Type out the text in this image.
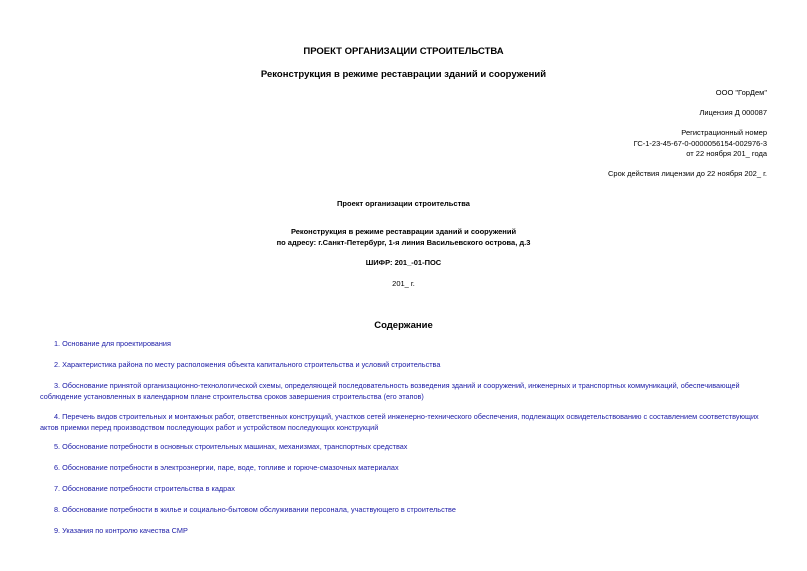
ПРОЕКТ ОРГАНИЗАЦИИ СТРОИТЕЛЬСТВА
Реконструкция в режиме реставрации зданий и сооружений
ООО "ГорДем"
Лицензия Д 000087
Регистрационный номер
ГС-1-23-45-67-0-0000056154-002976-3
от 22 ноября 201_ года
Срок действия лицензии до 22 ноября 202_ г.
Проект организации строительства
Реконструкция в режиме реставрации зданий и сооружений
по адресу: г.Санкт-Петербург, 1-я линия Васильевского острова, д.3
ШИФР: 201_-01-ПОС
201_ г.
Содержание
1. Основание для проектирования
2. Характеристика района по месту расположения объекта капитального строительства и условий строительства
3. Обоснование принятой организационно-технологической схемы, определяющей последовательность возведения зданий и сооружений, инженерных и транспортных коммуникаций, обеспечивающей соблюдение установленных в календарном плане строительства сроков завершения строительства (его этапов)
4. Перечень видов строительных и монтажных работ, ответственных конструкций, участков сетей инженерно-технического обеспечения, подлежащих освидетельствованию с составлением соответствующих актов приемки перед производством последующих работ и устройством последующих конструкций
5. Обоснование потребности в основных строительных машинах, механизмах, транспортных средствах
6. Обоснование потребности в электроэнергии, паре, воде, топливе и горюче-смазочных материалах
7. Обоснование потребности строительства в кадрах
8. Обоснование потребности в жилье и социально-бытовом обслуживании персонала, участвующего в строительстве
9. Указания по контролю качества СМР
